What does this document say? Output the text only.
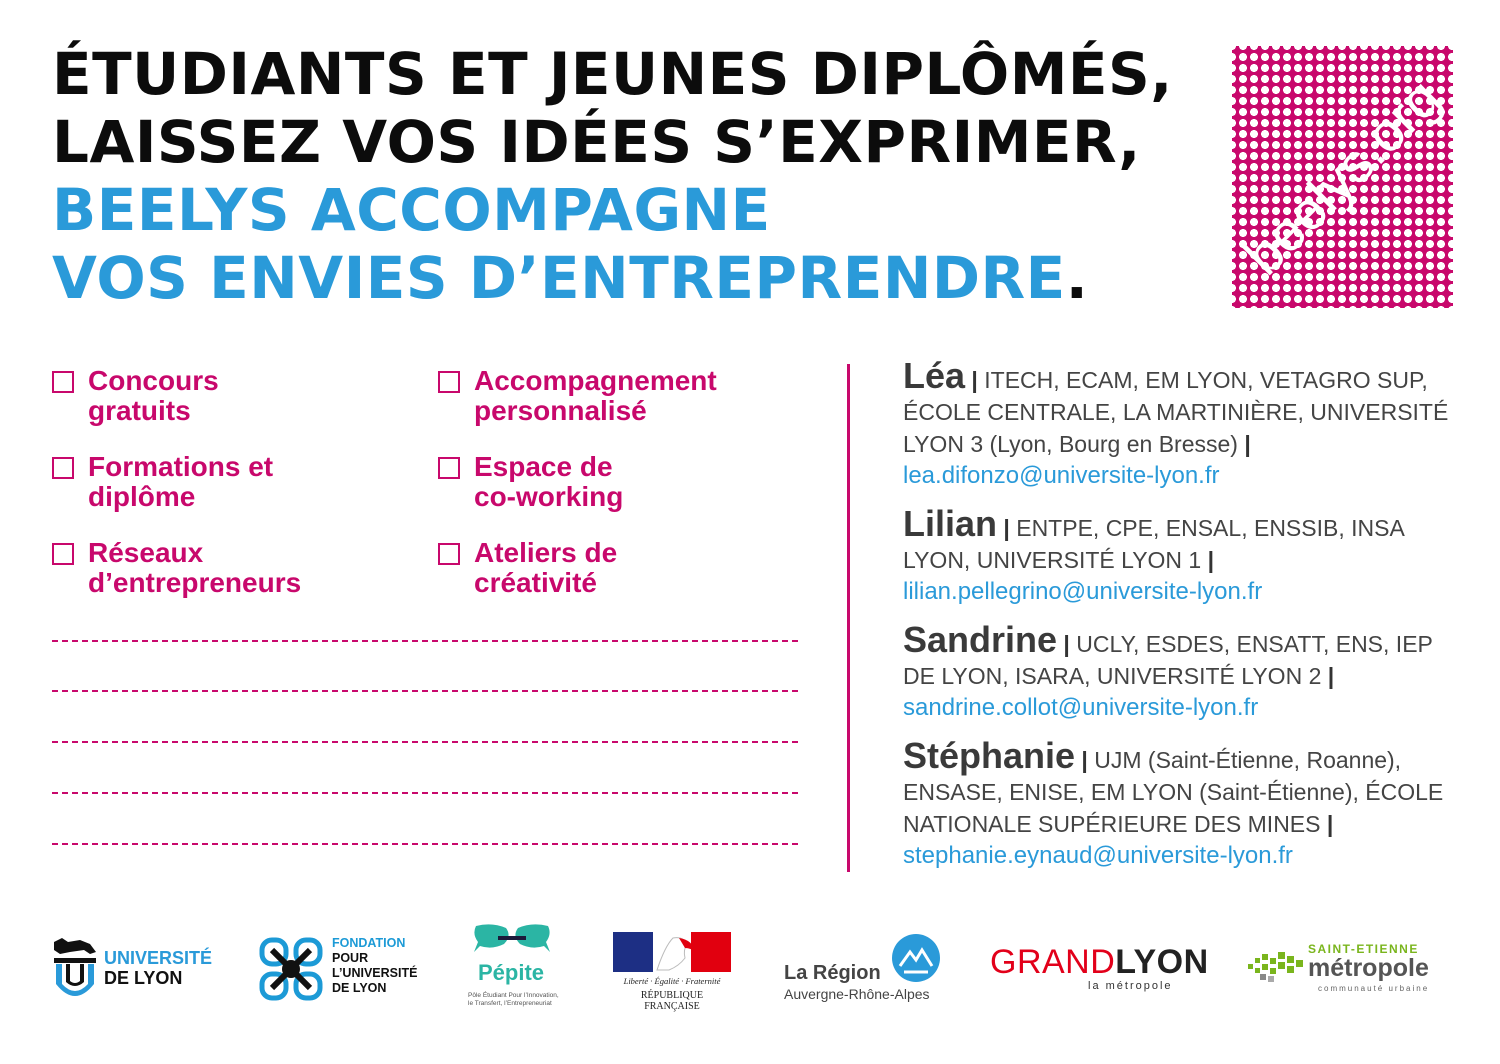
ÉTUDIANTS ET JEUNES DIPLÔMÉS,
LAISSEZ VOS IDÉES S’EXPRIMER,
BEELYS ACCOMPAGNE
VOS ENVIES D’ENTREPRENDRE.	beelys.org
Concours
gratuits
Formations et
diplôme
Réseaux
d’entrepreneurs
Accompagnement
personnalisé
Espace de
co-working
Ateliers de
créativité
Léa | ITECH, ECAM, EM LYON, VETAGRO SUP, ÉCOLE CENTRALE, LA MARTINIÈRE, UNIVERSITÉ LYON 3 (Lyon, Bourg en Bresse) |
lea.difonzo@universite-lyon.fr
Lilian | ENTPE, CPE, ENSAL, ENSSIB, INSA LYON, UNIVERSITÉ LYON 1 |
lilian.pellegrino@universite-lyon.fr
Sandrine | UCLY, ESDES, ENSATT, ENS, IEP DE LYON, ISARA, UNIVERSITÉ LYON 2 |
sandrine.collot@universite-lyon.fr
Stéphanie | UJM (Saint-Étienne, Roanne), ENSASE, ENISE, EM LYON (Saint-Étienne), ÉCOLE NATIONALE SUPÉRIEURE DES MINES |
stephanie.eynaud@universite-lyon.fr
UNIVERSITÉ
DE LYON
FONDATION
POUR
L’UNIVERSITÉ
DE LYON
Pépite
Pôle Étudiant Pour l’Innovation,
le Transfert, l’Entrepreneuriat
Liberté · Égalité · Fraternité
RÉPUBLIQUE FRANÇAISE
La Région
Auvergne-Rhône-Alpes
GRANDLYON
la métropole
SAINT-ETIENNE
métropole
communauté urbaine
